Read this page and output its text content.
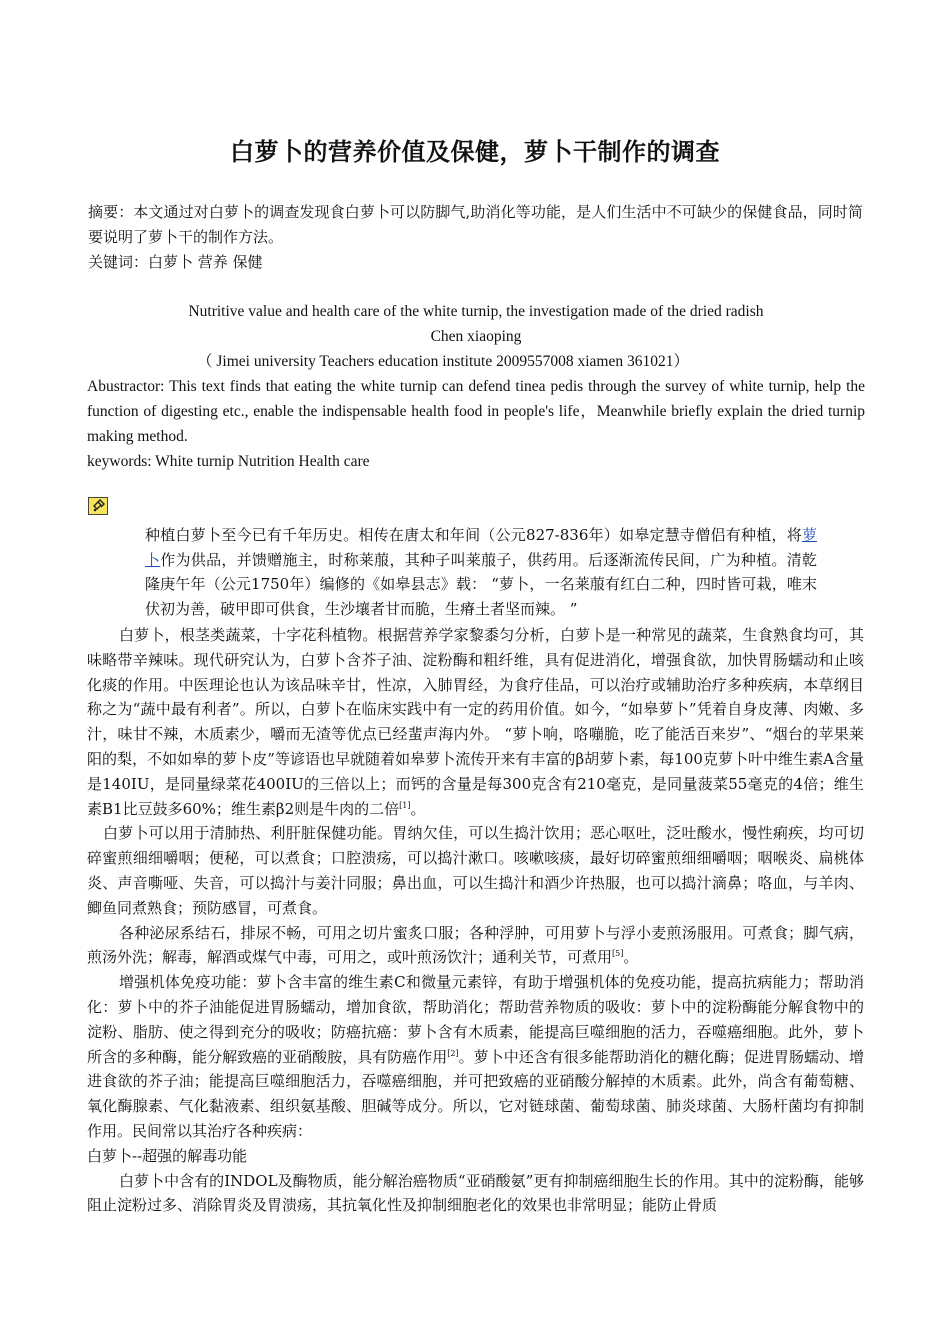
白萝卜的营养价值及保健，萝卜干制作的调查

摘要：本文通过对白萝卜的调查发现食白萝卜可以防脚气,助消化等功能，是人们生活中不可缺少的保健食品，同时简要说明了萝卜干的制作方法。

关键词：白萝卜 营养 保健

Nutritive value and health care of the white turnip, the investigation made of the dried radish

Chen xiaoping

（ Jimei university Teachers education institute 2009557008 xiamen 361021）

Abustractor: This text finds that eating the white turnip can defend tinea pedis through the survey of white turnip, help the function of digesting etc., enable the indispensable health food in people's life，Meanwhile briefly explain the dried turnip making method.

keywords: White turnip Nutrition Health care

种植白萝卜至今已有千年历史。相传在唐太和年间（公元827-836年）如皋定慧寺僧侣有种植，将萝卜作为供品，并馈赠施主，时称莱菔，其种子叫莱菔子，供药用。后逐渐流传民间，广为种植。清乾隆庚午年（公元1750年）编修的《如皋县志》载： “萝卜，一名莱菔有红白二种，四时皆可栽，唯末伏初为善，破甲即可供食，生沙壤者甘而脆，生瘠土者坚而辣。 ”

白萝卜，根茎类蔬菜，十字花科植物。根据营养学家黎黍匀分析，白萝卜是一种常见的蔬菜，生食熟食均可，其味略带辛辣味。现代研究认为，白萝卜含芥子油、淀粉酶和粗纤维，具有促进消化，增强食欲，加快胃肠蠕动和止咳化痰的作用。中医理论也认为该品味辛甘，性凉，入肺胃经，为食疗佳品，可以治疗或辅助治疗多种疾病，本草纲目称之为“蔬中最有利者”。所以，白萝卜在临床实践中有一定的药用价值。如今，“如皋萝卜”凭着自身皮薄、肉嫩、多汁，味甘不辣，木质素少，嚼而无渣等优点已经蜚声海内外。 “萝卜响，咯嘣脆，吃了能活百来岁”、“烟台的苹果莱阳的梨，不如如皋的萝卜皮”等谚语也早就随着如皋萝卜流传开来有丰富的β胡萝卜素，每100克萝卜叶中维生素A含量是140IU，是同量绿菜花400IU的三倍以上；而钙的含量是每300克含有210毫克，是同量菠菜55毫克的4倍；维生素B1比豆鼓多60%；维生素β2则是牛肉的二倍[1]。

白萝卜可以用于清肺热、利肝脏保健功能。胃纳欠佳，可以生捣汁饮用；恶心呕吐，泛吐酸水，慢性痢疾，均可切碎蜜煎细细嚼咽；便秘，可以煮食；口腔溃疡，可以捣汁漱口。咳嗽咳痰，最好切碎蜜煎细细嚼咽；咽喉炎、扁桃体炎、声音嘶哑、失音，可以捣汁与姜汁同服；鼻出血，可以生捣汁和酒少许热服，也可以捣汁滴鼻；咯血，与羊肉、鲫鱼同煮熟食；预防感冒，可煮食。

各种泌尿系结石，排尿不畅，可用之切片蜜炙口服；各种浮肿，可用萝卜与浮小麦煎汤服用。可煮食；脚气病，煎汤外洗；解毒，解酒或煤气中毒，可用之，或叶煎汤饮汁；通利关节，可煮用[5]。

增强机体免疫功能：萝卜含丰富的维生素C和微量元素锌，有助于增强机体的免疫功能，提高抗病能力；帮助消化：萝卜中的芥子油能促进胃肠蠕动，增加食欲，帮助消化；帮助营养物质的吸收：萝卜中的淀粉酶能分解食物中的淀粉、脂肪、使之得到充分的吸收；防癌抗癌：萝卜含有木质素，能提高巨噬细胞的活力，吞噬癌细胞。此外，萝卜所含的多种酶，能分解致癌的亚硝酸胺，具有防癌作用[2]。萝卜中还含有很多能帮助消化的糖化酶；促进胃肠蠕动、增进食欲的芥子油；能提高巨噬细胞活力，吞噬癌细胞，并可把致癌的亚硝酸分解掉的木质素。此外，尚含有葡萄糖、氧化酶腺素、气化黏液素、组织氨基酸、胆碱等成分。所以，它对链球菌、葡萄球菌、肺炎球菌、大肠杆菌均有抑制作用。民间常以其治疗各种疾病：

白萝卜--超强的解毒功能

白萝卜中含有的INDOL及酶物质，能分解治癌物质“亚硝酸氨”更有抑制癌细胞生长的作用。其中的淀粉酶，能够阻止淀粉过多、消除胃炎及胃溃疡，其抗氧化性及抑制细胞老化的效果也非常明显；能防止骨质
